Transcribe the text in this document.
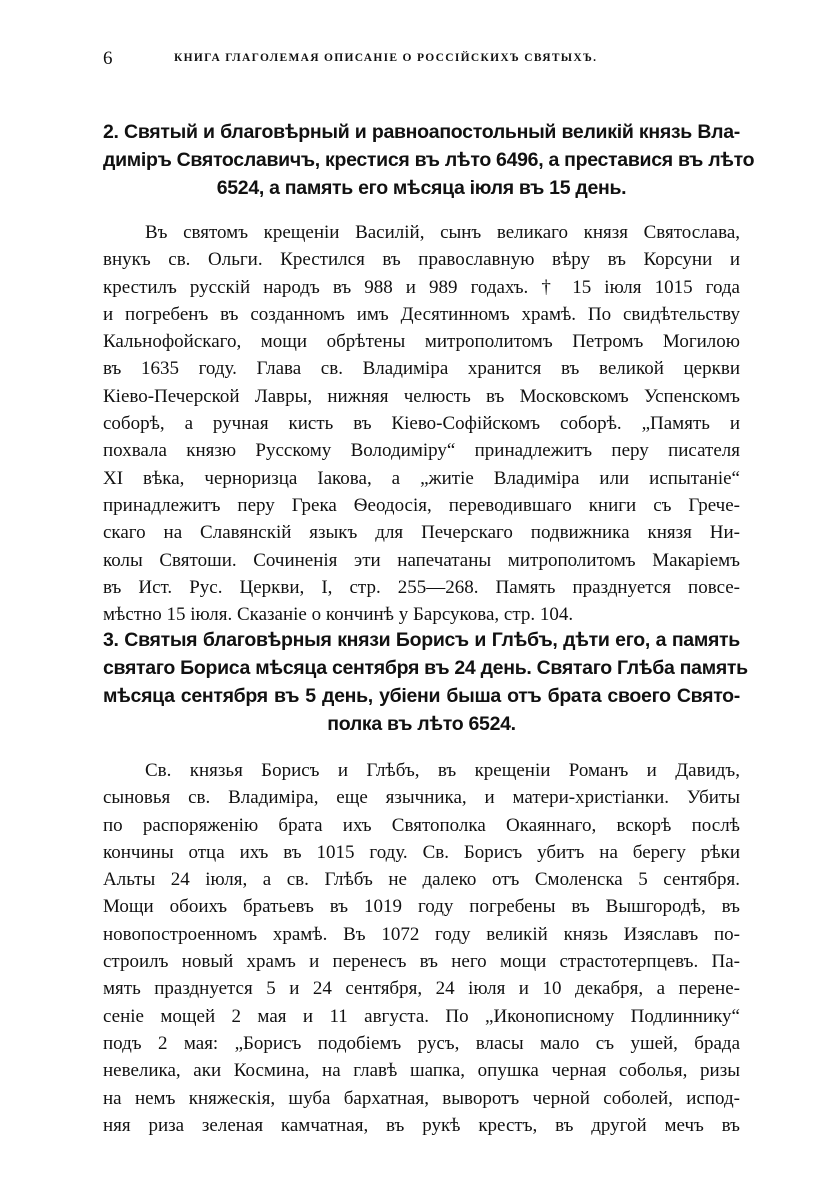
6	КНИГА ГЛАГОЛЕМАЯ ОПИСАНІЕ О РОССІЙСКИХЪ СВЯТЫХЪ.
2. Святый и благовѣрный и равноапостольный великій князь Вла-
диміръ Святославичъ, крестися въ лѣто 6496, а преставися въ лѣто
6524, а память его мѣсяца іюля въ 15 день.
Въ святомъ крещеніи Василій, сынъ великаго князя Святослава,
внукъ св. Ольги. Крестился въ православную вѣру въ Корсуни и
крестилъ русскій народъ въ 988 и 989 годахъ. † 15 іюля 1015 года
и погребенъ въ созданномъ имъ Десятинномъ храмѣ. По свидѣтельству
Кальнофойскаго, мощи обрѣтены митрополитомъ Петромъ Могилою
въ 1635 году. Глава св. Владиміра хранится въ великой церкви
Кіево-Печерской Лавры, нижняя челюсть въ Московскомъ Успенскомъ
соборѣ, а ручная кисть въ Кіево-Софійскомъ соборѣ. „Память и
похвала князю Русскому Володиміру“ принадлежитъ перу писателя
XI вѣка, черноризца Іакова, а „житіе Владиміра или испытаніе“
принадлежитъ перу Грека Ѳеодосія, переводившаго книги съ Грече-
скаго на Славянскій языкъ для Печерскаго подвижника князя Ни-
колы Святоши. Сочиненія эти напечатаны митрополитомъ Макаріемъ
въ Ист. Рус. Церкви, I, стр. 255—268. Память празднуется повсе-
мѣстно 15 іюля. Сказаніе о кончинѣ у Барсукова, стр. 104.
3. Святыя благовѣрныя князи Борисъ и Глѣбъ, дѣти его, а память
святаго Бориса мѣсяца сентября въ 24 день. Святаго Глѣба память
мѣсяца сентября въ 5 день, убіени быша отъ брата своего Свято-
полка въ лѣто 6524.
Св. князья Борисъ и Глѣбъ, въ крещеніи Романъ и Давидъ,
сыновья св. Владиміра, еще язычника, и матери-христіанки. Убиты
по распоряженію брата ихъ Святополка Окаяннаго, вскорѣ послѣ
кончины отца ихъ въ 1015 году. Св. Борисъ убитъ на берегу рѣки
Альты 24 іюля, а св. Глѣбъ не далеко отъ Смоленска 5 сентября.
Мощи обоихъ братьевъ въ 1019 году погребены въ Вышгородѣ, въ
новопостроенномъ храмѣ. Въ 1072 году великій князь Изяславъ по-
строилъ новый храмъ и перенесъ въ него мощи страстотерпцевъ. Па-
мять празднуется 5 и 24 сентября, 24 іюля и 10 декабря, а перене-
сеніе мощей 2 мая и 11 августа. По „Иконописному Подлиннику“
подъ 2 мая: „Борисъ подобіемъ русъ, власы мало съ ушей, брада
невелика, аки Космина, на главѣ шапка, опушка черная соболья, ризы
на немъ княжескія, шуба бархатная, выворотъ черной соболей, испод-
няя риза зеленая камчатная, въ рукѣ крестъ, въ другой мечъ въ
